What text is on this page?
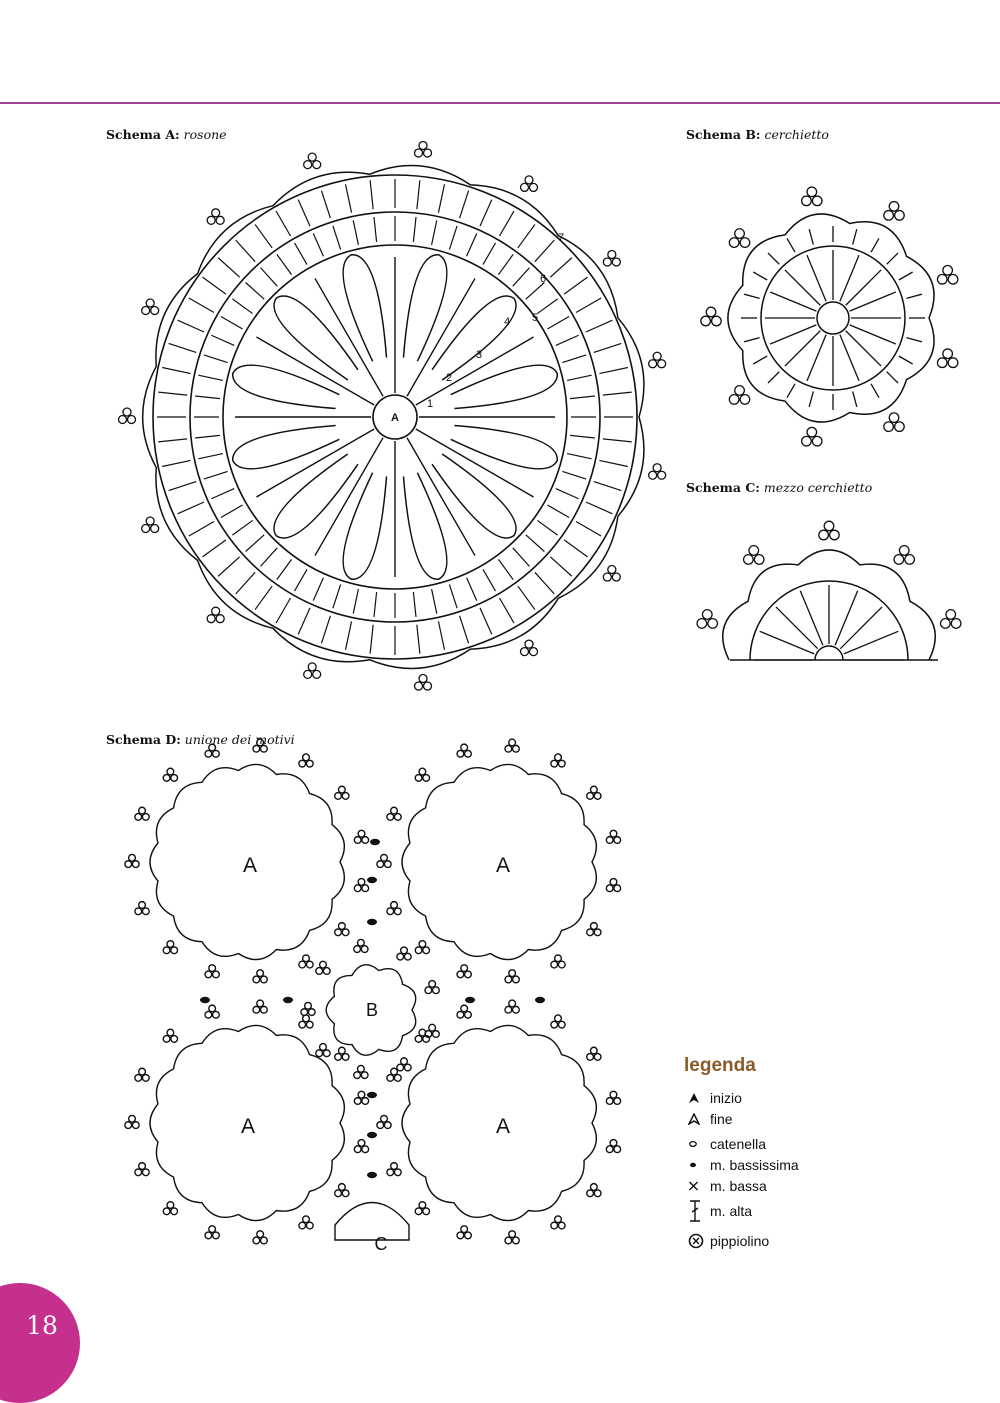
Schema A: rosone	Schema B: cerchietto
Schema C: mezzo cerchietto
Schema D: unione dei motivi
A
1
2
3
4 5
6
7
A	A
B
A	A
C
legenda
inizio
fine
catenella
m. bassissima
m. bassa
m. alta
pippiolino
18
